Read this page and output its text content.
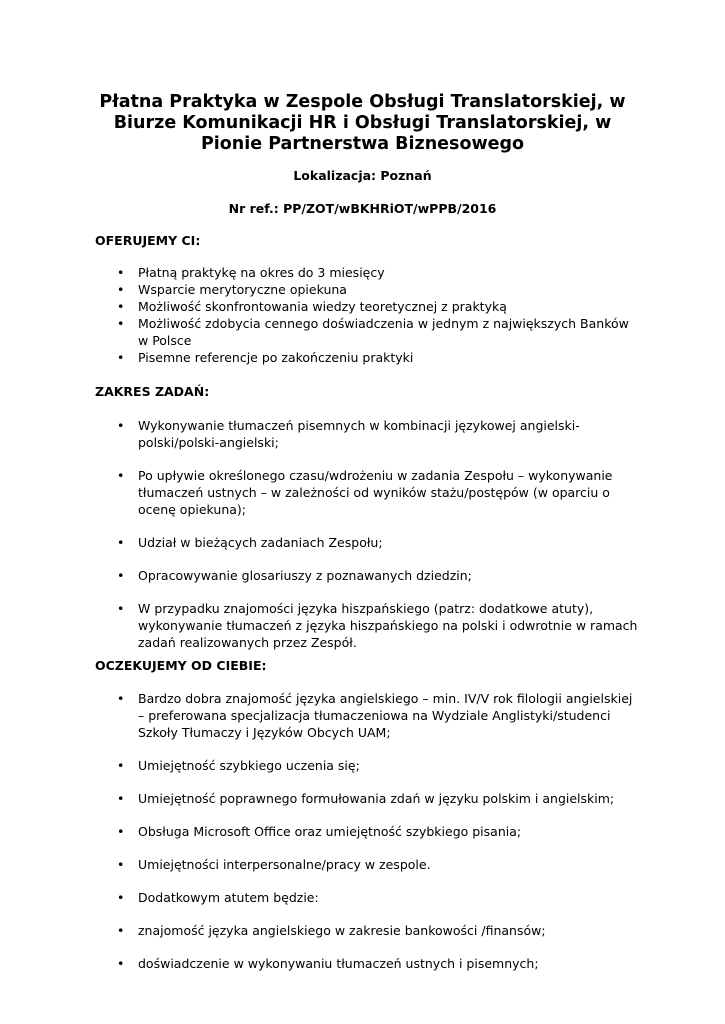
Płatna Praktyka w Zespole Obsługi Translatorskiej, w
Biurze Komunikacji HR i Obsługi Translatorskiej, w
Pionie Partnerstwa Biznesowego

Lokalizacja: Poznań

Nr ref.: PP/ZOT/wBKHRiOT/wPPB/2016

OFERUJEMY CI:

• Płatną praktykę na okres do 3 miesięcy
• Wsparcie merytoryczne opiekuna
• Możliwość skonfrontowania wiedzy teoretycznej z praktyką
• Możliwość zdobycia cennego doświadczenia w jednym z największych Banków
w Polsce
• Pisemne referencje po zakończeniu praktyki

ZAKRES ZADAŃ:

• Wykonywanie tłumaczeń pisemnych w kombinacji językowej angielski-
polski/polski-angielski;
• Po upływie określonego czasu/wdrożeniu w zadania Zespołu – wykonywanie
tłumaczeń ustnych – w zależności od wyników stażu/postępów (w oparciu o
ocenę opiekuna);
• Udział w bieżących zadaniach Zespołu;
• Opracowywanie glosariuszy z poznawanych dziedzin;
• W przypadku znajomości języka hiszpańskiego (patrz: dodatkowe atuty),
wykonywanie tłumaczeń z języka hiszpańskiego na polski i odwrotnie w ramach
zadań realizowanych przez Zespół.

OCZEKUJEMY OD CIEBIE:

• Bardzo dobra znajomość języka angielskiego – min. IV/V rok filologii angielskiej
– preferowana specjalizacja tłumaczeniowa na Wydziale Anglistyki/studenci
Szkoły Tłumaczy i Języków Obcych UAM;
• Umiejętność szybkiego uczenia się;
• Umiejętność poprawnego formułowania zdań w języku polskim i angielskim;
• Obsługa Microsoft Office oraz umiejętność szybkiego pisania;
• Umiejętności interpersonalne/pracy w zespole.
• Dodatkowym atutem będzie:
• znajomość języka angielskiego w zakresie bankowości /finansów;
• doświadczenie w wykonywaniu tłumaczeń ustnych i pisemnych;
